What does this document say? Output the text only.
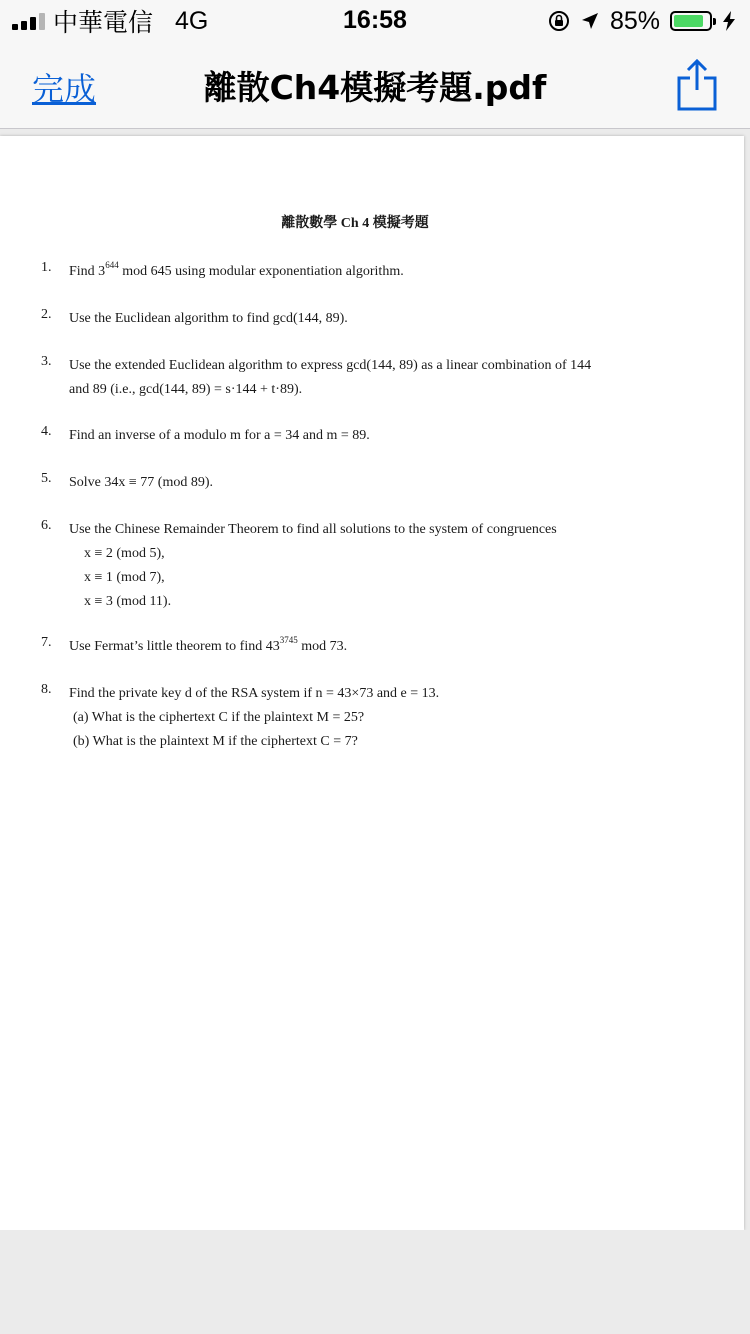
中華電信 4G	16:58	85%
完成	離散Ch4模擬考題.pdf
離散數學 Ch 4 模擬考題
1. Find $3^{644}$ mod 645 using modular exponentiation algorithm.
2. Use the Euclidean algorithm to find gcd(144, 89).
3. Use the extended Euclidean algorithm to express gcd(144, 89) as a linear combination of 144
and 89 (i.e., gcd(144, 89) = s·144 + t·89).
4. Find an inverse of a modulo m for a = 34 and m = 89.
5. Solve 34x ≡ 77 (mod 89).
6. Use the Chinese Remainder Theorem to find all solutions to the system of congruences
x ≡ 2 (mod 5),
x ≡ 1 (mod 7),
x ≡ 3 (mod 11).
7. Use Fermat’s little theorem to find $43^{3745}$ mod 73.
8. Find the private key d of the RSA system if n = 43×73 and e = 13.
(a) What is the ciphertext C if the plaintext M = 25?
(b) What is the plaintext M if the ciphertext C = 7?
